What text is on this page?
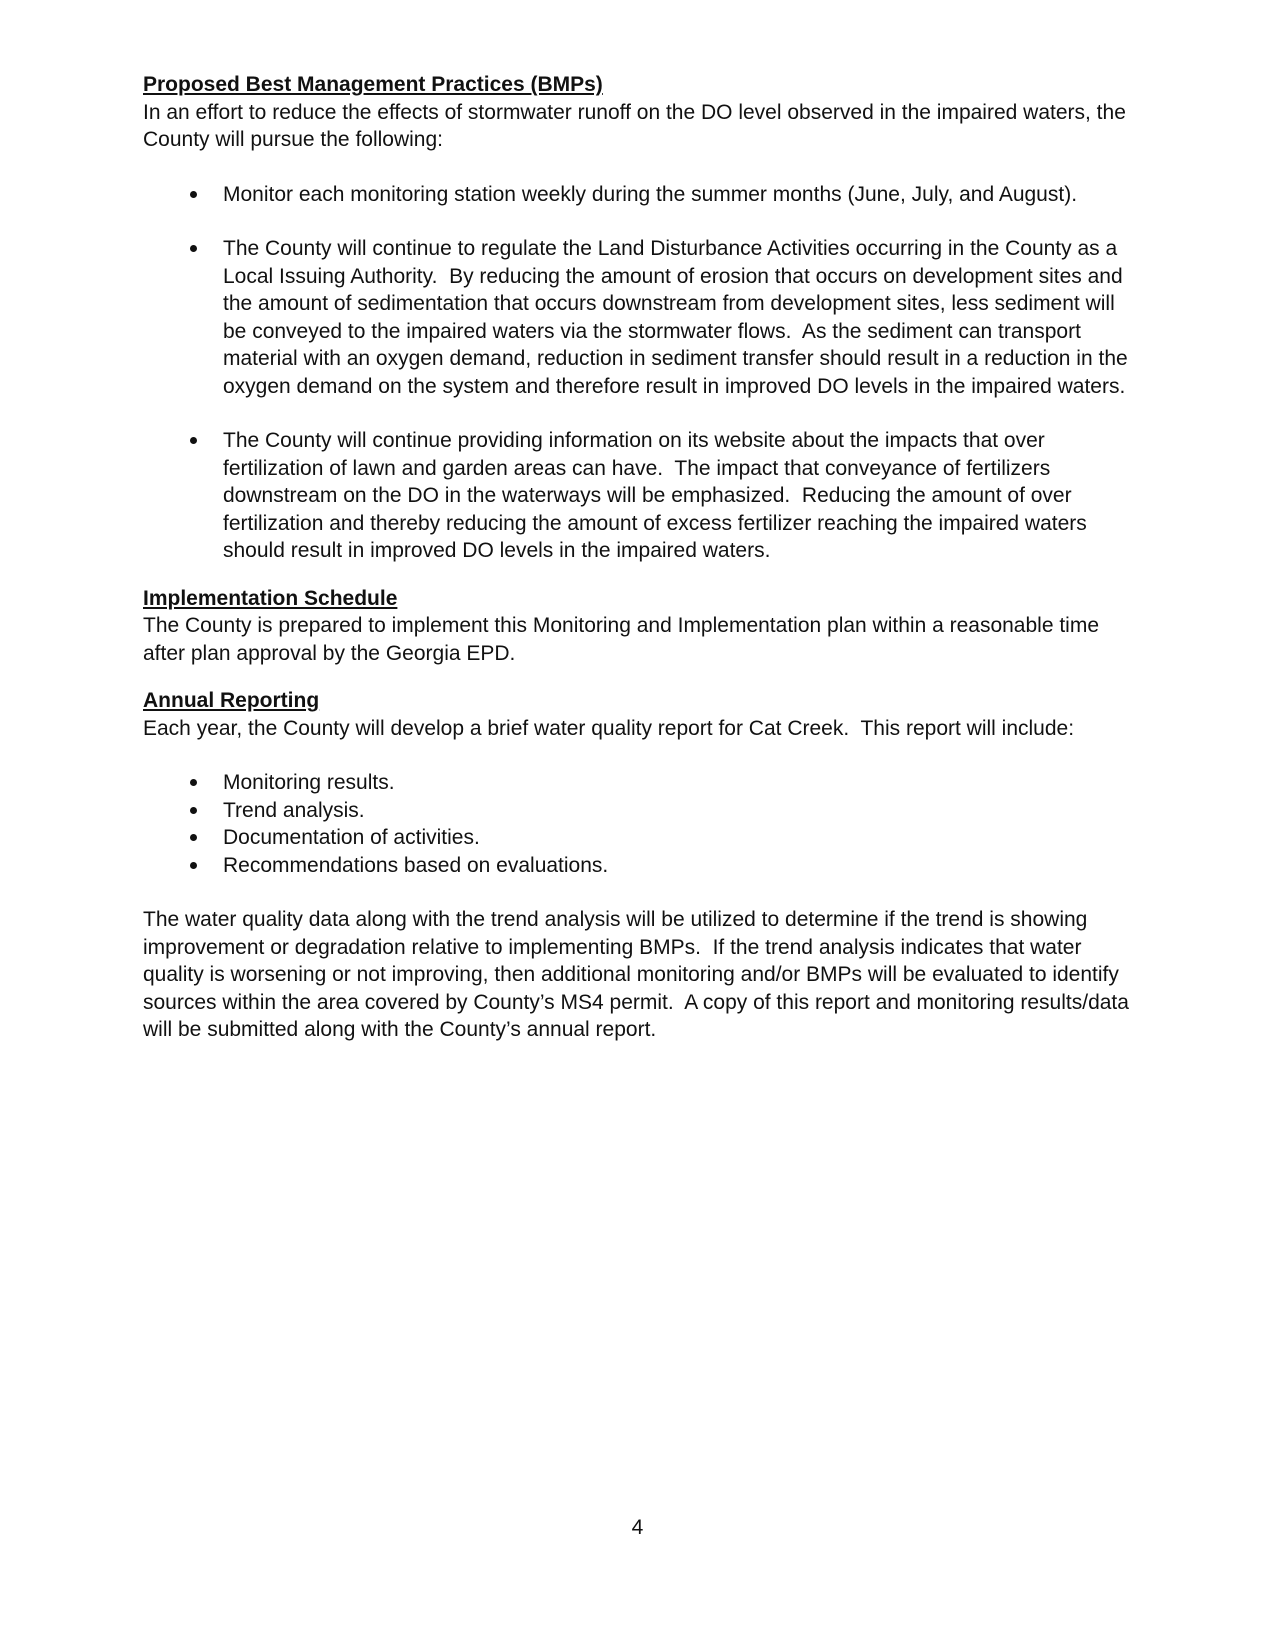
Proposed Best Management Practices (BMPs)

In an effort to reduce the effects of stormwater runoff on the DO level observed in the impaired waters, the County will pursue the following:

Monitor each monitoring station weekly during the summer months (June, July, and August).
The County will continue to regulate the Land Disturbance Activities occurring in the County as a Local Issuing Authority.  By reducing the amount of erosion that occurs on development sites and the amount of sedimentation that occurs downstream from development sites, less sediment will be conveyed to the impaired waters via the stormwater flows.  As the sediment can transport material with an oxygen demand, reduction in sediment transfer should result in a reduction in the oxygen demand on the system and therefore result in improved DO levels in the impaired waters.
The County will continue providing information on its website about the impacts that over fertilization of lawn and garden areas can have.  The impact that conveyance of fertilizers downstream on the DO in the waterways will be emphasized.  Reducing the amount of over fertilization and thereby reducing the amount of excess fertilizer reaching the impaired waters should result in improved DO levels in the impaired waters.
Implementation Schedule

The County is prepared to implement this Monitoring and Implementation plan within a reasonable time after plan approval by the Georgia EPD.

Annual Reporting

Each year, the County will develop a brief water quality report for Cat Creek.  This report will include:

Monitoring results.
Trend analysis.
Documentation of activities.
Recommendations based on evaluations.

The water quality data along with the trend analysis will be utilized to determine if the trend is showing improvement or degradation relative to implementing BMPs.  If the trend analysis indicates that water quality is worsening or not improving, then additional monitoring and/or BMPs will be evaluated to identify sources within the area covered by County’s MS4 permit.  A copy of this report and monitoring results/data will be submitted along with the County’s annual report.

4
